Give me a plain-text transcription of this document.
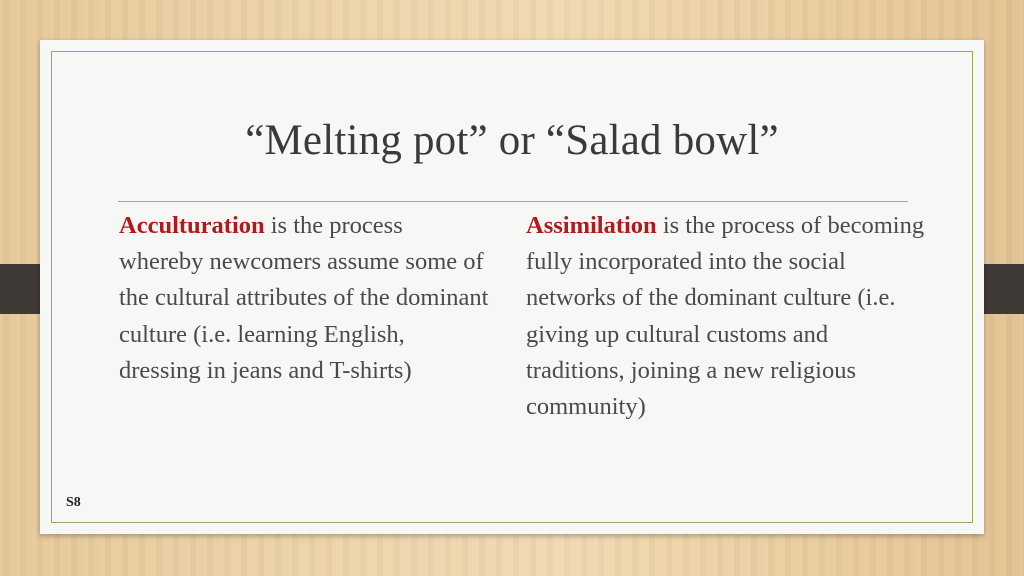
“Melting pot” or “Salad bowl”
Acculturation is the process whereby newcomers assume some of the cultural attributes of the dominant culture (i.e. learning English, dressing in jeans and T-shirts)
Assimilation is the process of becoming fully incorporated into the social networks of the dominant culture (i.e. giving up cultural customs and traditions, joining a new religious community)
S8
